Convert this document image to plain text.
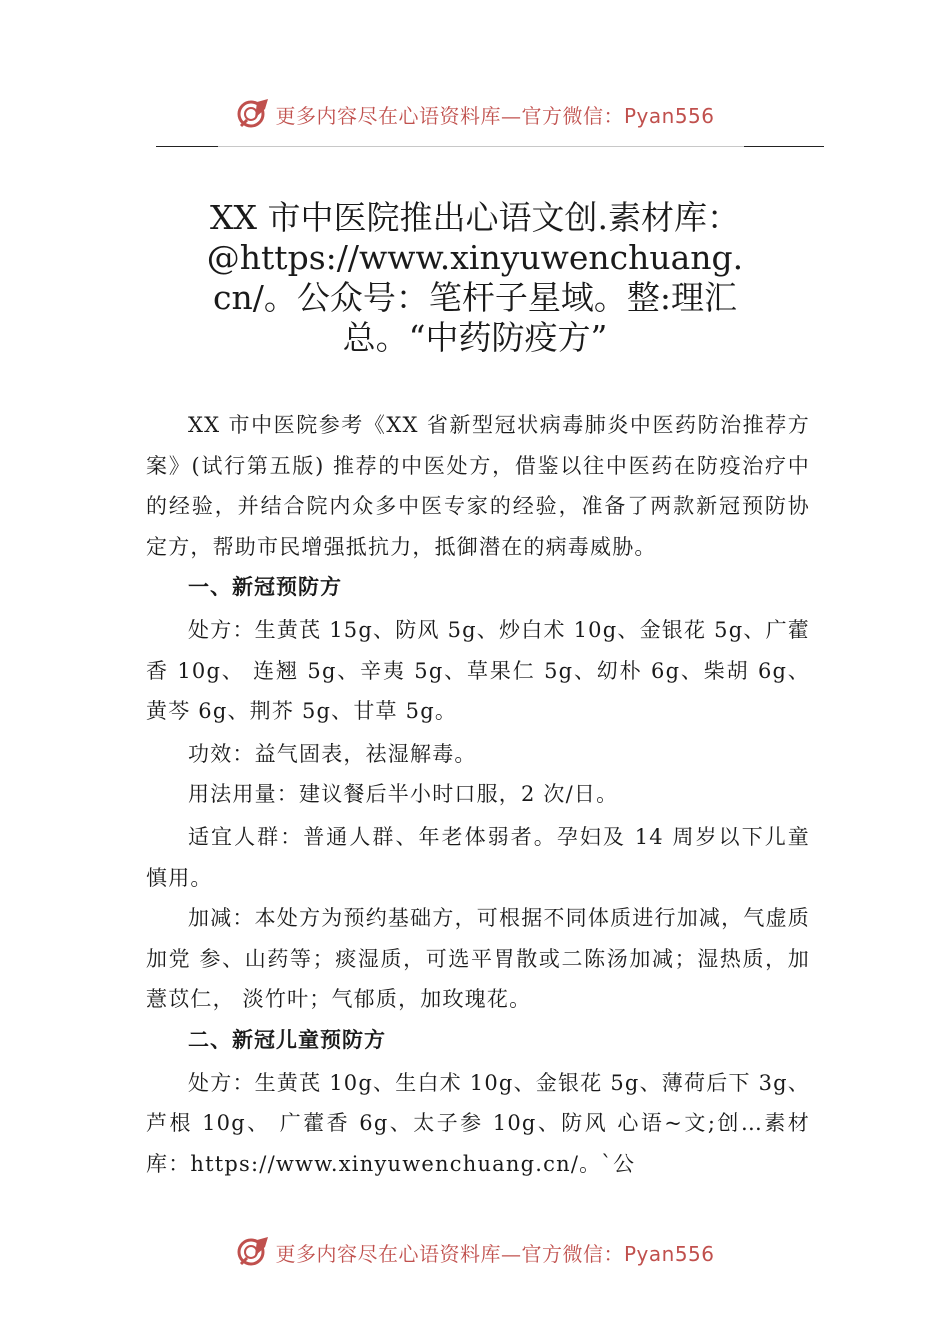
更多内容尽在心语资料库—官方微信：Pyan556
XX 市中医院推出心语文创.素材库：@https://www.xinyuwenchuang.cn/。公众号：笔杆子星域。整:理汇总。“中药防疫方”

XX 市中医院参考《XX 省新型冠状病毒肺炎中医药防治推荐方案》(试行第五版) 推荐的中医处方，借鉴以往中医药在防疫治疗中的经验，并结合院内众多中医专家的经验，准备了两款新冠预防协定方，帮助市民增强抵抗力，抵御潜在的病毒威胁。

一、新冠预防方

处方：生黄芪 15g、防风 5g、炒白术 10g、金银花 5g、广藿香 10g、 连翘 5g、辛夷 5g、草果仁 5g、㓜朴 6g、柴胡 6g、黄芩 6g、荆芥 5g、甘草 5g。

功效：益气固表，祛湿解毒。

用法用量：建议餐后半小时口服，2 次/日。

适宜人群：普通人群、年老体弱者。孕妇及 14 周岁以下儿童慎用。

加减：本处方为预约基础方，可根据不同体质进行加减，气虚质加党 参、山药等；痰湿质，可选平胃散或二陈汤加减；湿热质，加薏苡仁， 淡竹叶；气郁质，加玫瑰花。

二、新冠儿童预防方

处方：生黄芪 10g、生白术 10g、金银花 5g、薄荷后下 3g、芦根 10g、 广藿香 6g、太子参 10g、防风 心语~文;创…素材库：https://www.xinyuwenchuang.cn/。`公

更多内容尽在心语资料库—官方微信：Pyan556
